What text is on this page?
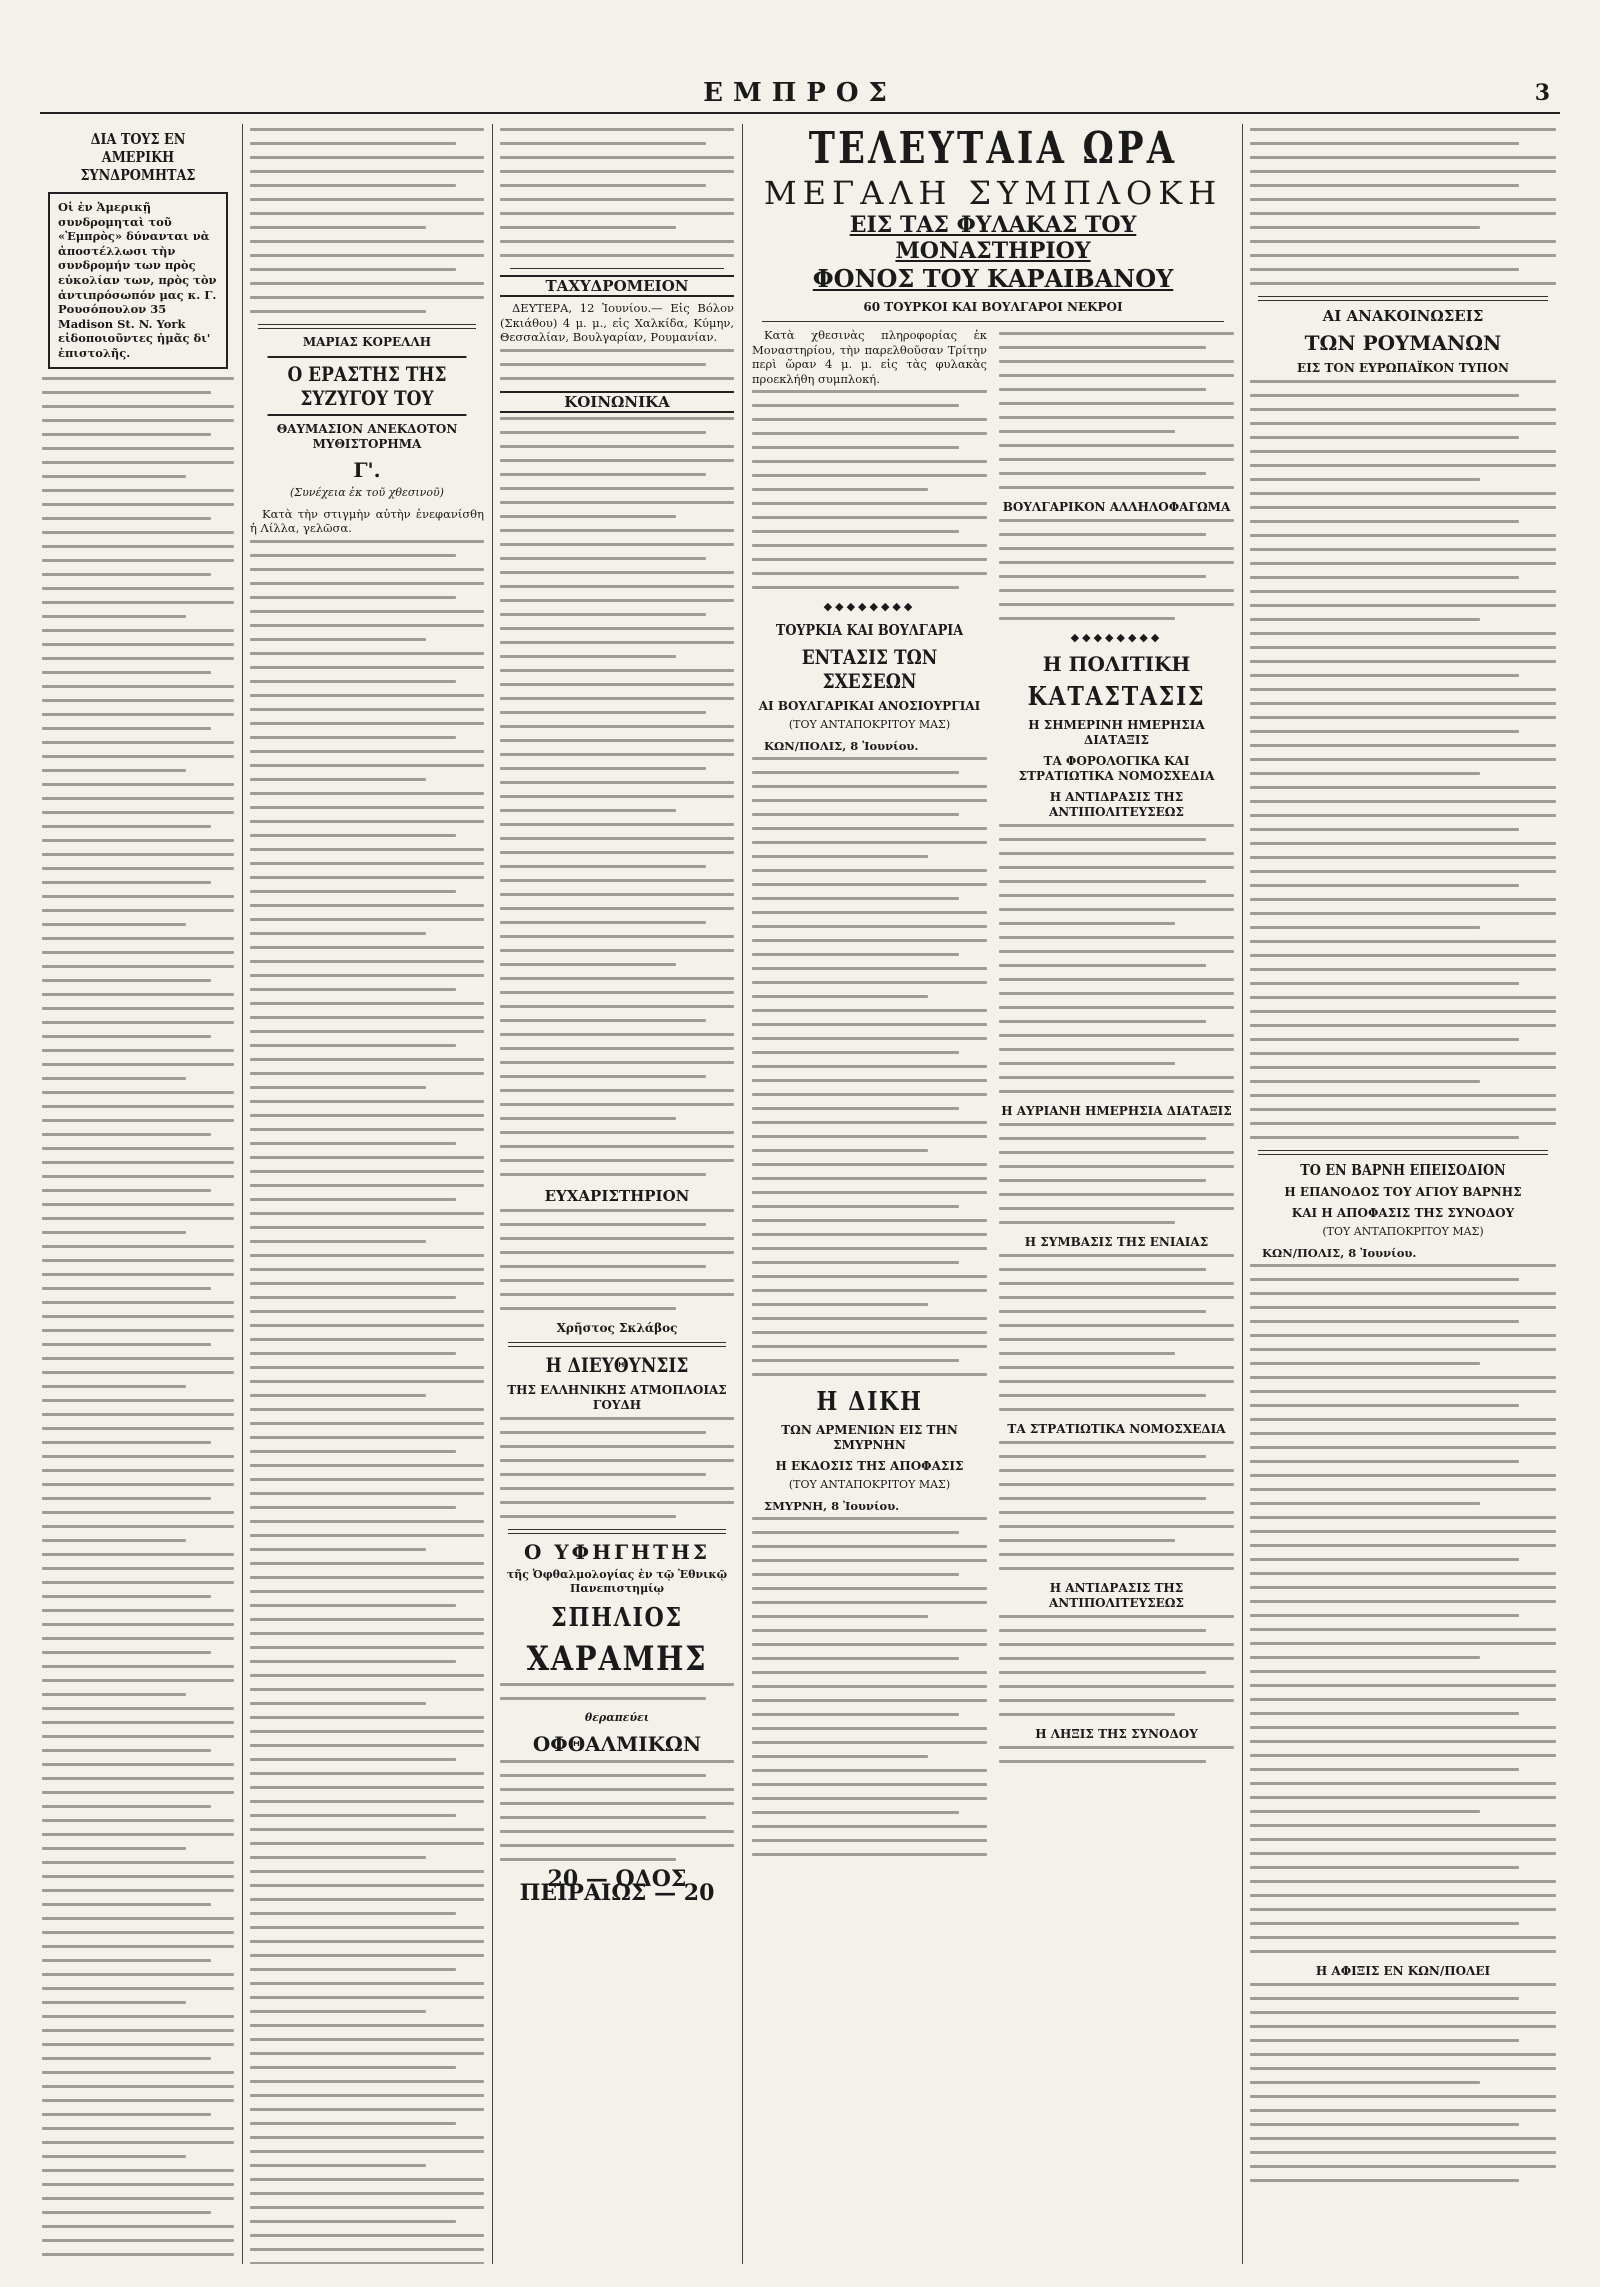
ΕΜΠΡΟΣ	3
ΔΙΑ ΤΟΥΣ ΕΝ ΑΜΕΡΙΚΗ ΣΥΝΔΡΟΜΗΤΑΣ
Οἱ ἐν Ἀμερικῇ συνδρομηταὶ τοῦ «Ἐμπρὸς» δύνανται νὰ ἀποστέλλωσι τὴν συνδρομήν των πρὸς εὐκολίαν των, πρὸς τὸν ἀντιπρόσωπόν μας κ. Γ. Ρουσόπουλον 35 Madison St. N. York εἰδοποιοῦντες ἡμᾶς δι' ἐπιστολῆς.
ΜΑΡΙΑΣ ΚΟΡΕΛΛΗ
Ο ΕΡΑΣΤΗΣ ΤΗΣ ΣΥΖΥΓΟΥ ΤΟΥ
ΘΑΥΜΑΣΙΟΝ ΑΝΕΚΔΟΤΟΝ ΜΥΘΙΣΤΟΡΗΜΑ
Γ'.
(Συνέχεια ἐκ τοῦ χθεσινοῦ)

Κατὰ τὴν στιγμὴν αὐτὴν ἐνεφανίσθη ἡ Λίλλα, γελῶσα.

ΤΑΧΥΔΡΟΜΕΙΟΝ

ΔΕΥΤΕΡΑ, 12 Ἰουνίου.— Εἰς Βόλον (Σκιάθου) 4 μ. μ., εἰς Χαλκίδα, Κύμην, Θεσσαλίαν, Βουλγαρίαν, Ρουμανίαν.

ΚΟΙΝΩΝΙΚΑ
ΕΥΧΑΡΙΣΤΗΡΙΟΝ
Χρῆστος Σκλάβος
Η ΔΙΕΥΘΥΝΣΙΣ
ΤΗΣ ΕΛΛΗΝΙΚΗΣ ΑΤΜΟΠΛΟΙΑΣ ΓΟΥΔΗ
Ο ΥΦΗΓΗΤΗΣ
τῆς Ὀφθαλμολογίας ἐν τῷ Ἐθνικῷ Πανεπιστημίῳ
ΣΠΗΛΙΟΣ
ΧΑΡΑΜΗΣ
θεραπεύει
ΟΦΘΑΛΜΙΚΩΝ
20 — ΟΔΟΣ ΠΕΙΡΑΙΩΣ — 20
ΤΕΛΕΥΤΑΙΑ ΩΡΑ
ΜΕΓΑΛΗ ΣΥΜΠΛΟΚΗ
ΕΙΣ ΤΑΣ ΦΥΛΑΚΑΣ ΤΟΥ ΜΟΝΑΣΤΗΡΙΟΥ
ΦΟΝΟΣ ΤΟΥ ΚΑΡΑΙΒΑΝΟΥ
60 ΤΟΥΡΚΟΙ ΚΑΙ ΒΟΥΛΓΑΡΟΙ ΝΕΚΡΟΙ

Κατὰ χθεσινὰς πληροφορίας ἐκ Μοναστηρίου, τὴν παρελθοῦσαν Τρίτην περὶ ὥραν 4 μ. μ. εἰς τὰς φυλακὰς προεκλήθη συμπλοκή.

◆◆◆◆◆◆◆◆
ΤΟΥΡΚΙΑ ΚΑΙ ΒΟΥΛΓΑΡΙΑ
ΕΝΤΑΣΙΣ ΤΩΝ ΣΧΕΣΕΩΝ
ΑΙ ΒΟΥΛΓΑΡΙΚΑΙ ΑΝΟΣΙΟΥΡΓΙΑΙ
(ΤΟΥ ΑΝΤΑΠΟΚΡΙΤΟΥ ΜΑΣ)

ΚΩΝ/ΠΟΛΙΣ, 8 Ἰουνίου.

Η ΔΙΚΗ
ΤΩΝ ΑΡΜΕΝΙΩΝ ΕΙΣ ΤΗΝ ΣΜΥΡΝΗΝ
Η ΕΚΔΟΣΙΣ ΤΗΣ ΑΠΟΦΑΣΙΣ
(ΤΟΥ ΑΝΤΑΠΟΚΡΙΤΟΥ ΜΑΣ)

ΣΜΥΡΝΗ, 8 Ἰουνίου.

ΒΟΥΛΓΑΡΙΚΟΝ ΑΛΛΗΛΟΦΑΓΩΜΑ
◆◆◆◆◆◆◆◆
Η ΠΟΛΙΤΙΚΗ
ΚΑΤΑΣΤΑΣΙΣ
Η ΣΗΜΕΡΙΝΗ ΗΜΕΡΗΣΙΑ ΔΙΑΤΑΞΙΣ
ΤΑ ΦΟΡΟΛΟΓΙΚΑ ΚΑΙ ΣΤΡΑΤΙΩΤΙΚΑ ΝΟΜΟΣΧΕΔΙΑ
Η ΑΝΤΙΔΡΑΣΙΣ ΤΗΣ ΑΝΤΙΠΟΛΙΤΕΥΣΕΩΣ
Η ΑΥΡΙΑΝΗ ΗΜΕΡΗΣΙΑ ΔΙΑΤΑΞΙΣ
Η ΣΥΜΒΑΣΙΣ ΤΗΣ ΕΝΙΑΙΑΣ
ΤΑ ΣΤΡΑΤΙΩΤΙΚΑ ΝΟΜΟΣΧΕΔΙΑ
Η ΑΝΤΙΔΡΑΣΙΣ ΤΗΣ ΑΝΤΙΠΟΛΙΤΕΥΣΕΩΣ
Η ΛΗΞΙΣ ΤΗΣ ΣΥΝΟΔΟΥ
ΑΙ ΑΝΑΚΟΙΝΩΣΕΙΣ
ΤΩΝ ΡΟΥΜΑΝΩΝ
ΕΙΣ ΤΟΝ ΕΥΡΩΠΑΪΚΟΝ ΤΥΠΟΝ
ΤΟ ΕΝ ΒΑΡΝΗ ΕΠΕΙΣΟΔΙΟΝ
Η ΕΠΑΝΟΔΟΣ ΤΟΥ ΑΓΙΟΥ ΒΑΡΝΗΣ
ΚΑΙ Η ΑΠΟΦΑΣΙΣ ΤΗΣ ΣΥΝΟΔΟΥ
(ΤΟΥ ΑΝΤΑΠΟΚΡΙΤΟΥ ΜΑΣ)

ΚΩΝ/ΠΟΛΙΣ, 8 Ἰουνίου.

Η ΑΦΙΞΙΣ ΕΝ ΚΩΝ/ΠΟΛΕΙ
